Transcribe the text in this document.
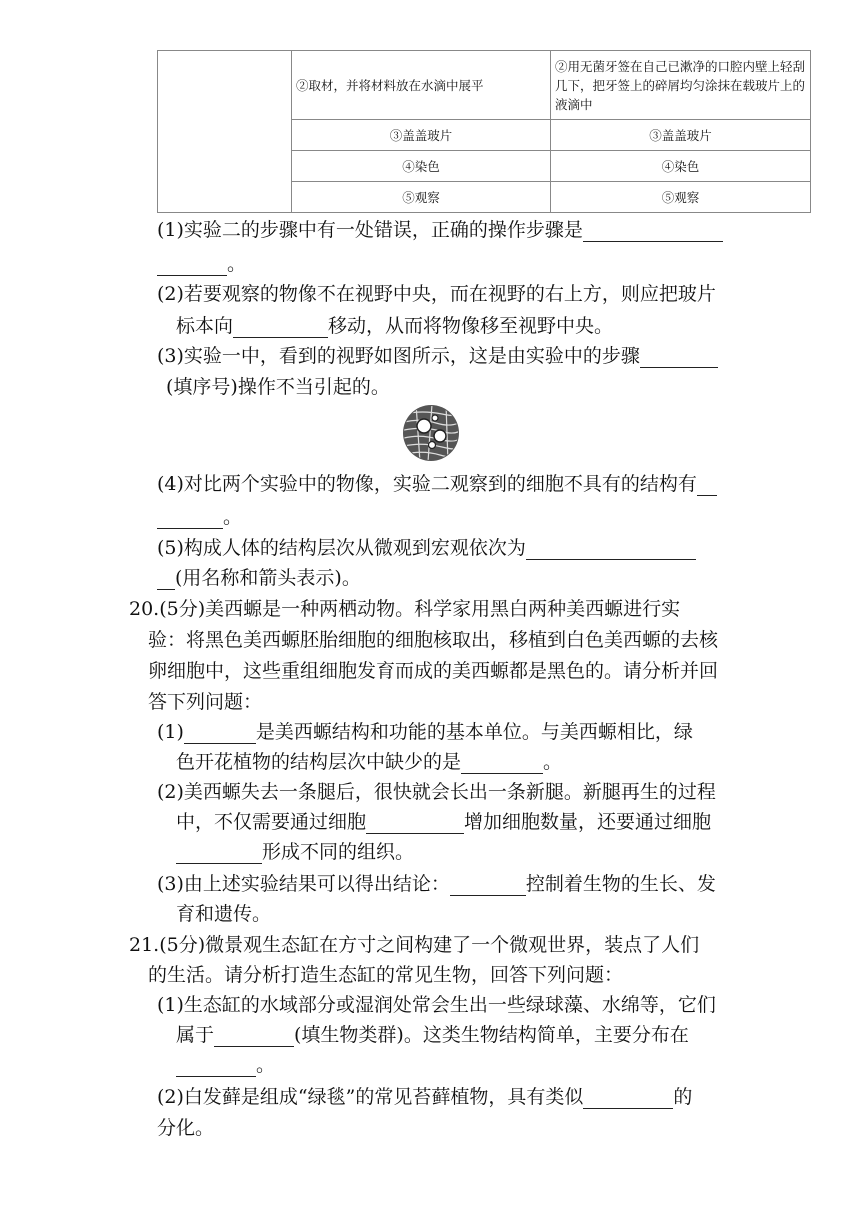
	②取材，并将材料放在水滴中展平	②用无菌牙签在自己已漱净的口腔内壁上轻刮几下，把牙签上的碎屑均匀涂抹在载玻片上的液滴中
	③盖盖玻片	③盖盖玻片
	④染色	④染色
	⑤观察	⑤观察
(1)实验二的步骤中有一处错误，正确的操作步骤是
。
(2)若要观察的物像不在视野中央，而在视野的右上方，则应把玻片
标本向	移动，从而将物像移至视野中央。
(3)实验一中，看到的视野如图所示，这是由实验中的步骤
(填序号)操作不当引起的。
(4)对比两个实验中的物像，实验二观察到的细胞不具有的结构有
。
(5)构成人体的结构层次从微观到宏观依次为
(用名称和箭头表示)。
20.(5分)美西螈是一种两栖动物。科学家用黑白两种美西螈进行实
验：将黑色美西螈胚胎细胞的细胞核取出，移植到白色美西螈的去核
卵细胞中，这些重组细胞发育而成的美西螈都是黑色的。请分析并回
答下列问题：
(1)	是美西螈结构和功能的基本单位。与美西螈相比，绿
色开花植物的结构层次中缺少的是	。
(2)美西螈失去一条腿后，很快就会长出一条新腿。新腿再生的过程
中，不仅需要通过细胞	增加细胞数量，还要通过细胞
形成不同的组织。
(3)由上述实验结果可以得出结论：	控制着生物的生长、发
育和遗传。
21.(5分)微景观生态缸在方寸之间构建了一个微观世界，装点了人们
的生活。请分析打造生态缸的常见生物，回答下列问题：
(1)生态缸的水域部分或湿润处常会生出一些绿球藻、水绵等，它们
属于	(填生物类群)。这类生物结构简单，主要分布在
。
(2)白发藓是组成“绿毯”的常见苔藓植物，具有类似	的
分化。
